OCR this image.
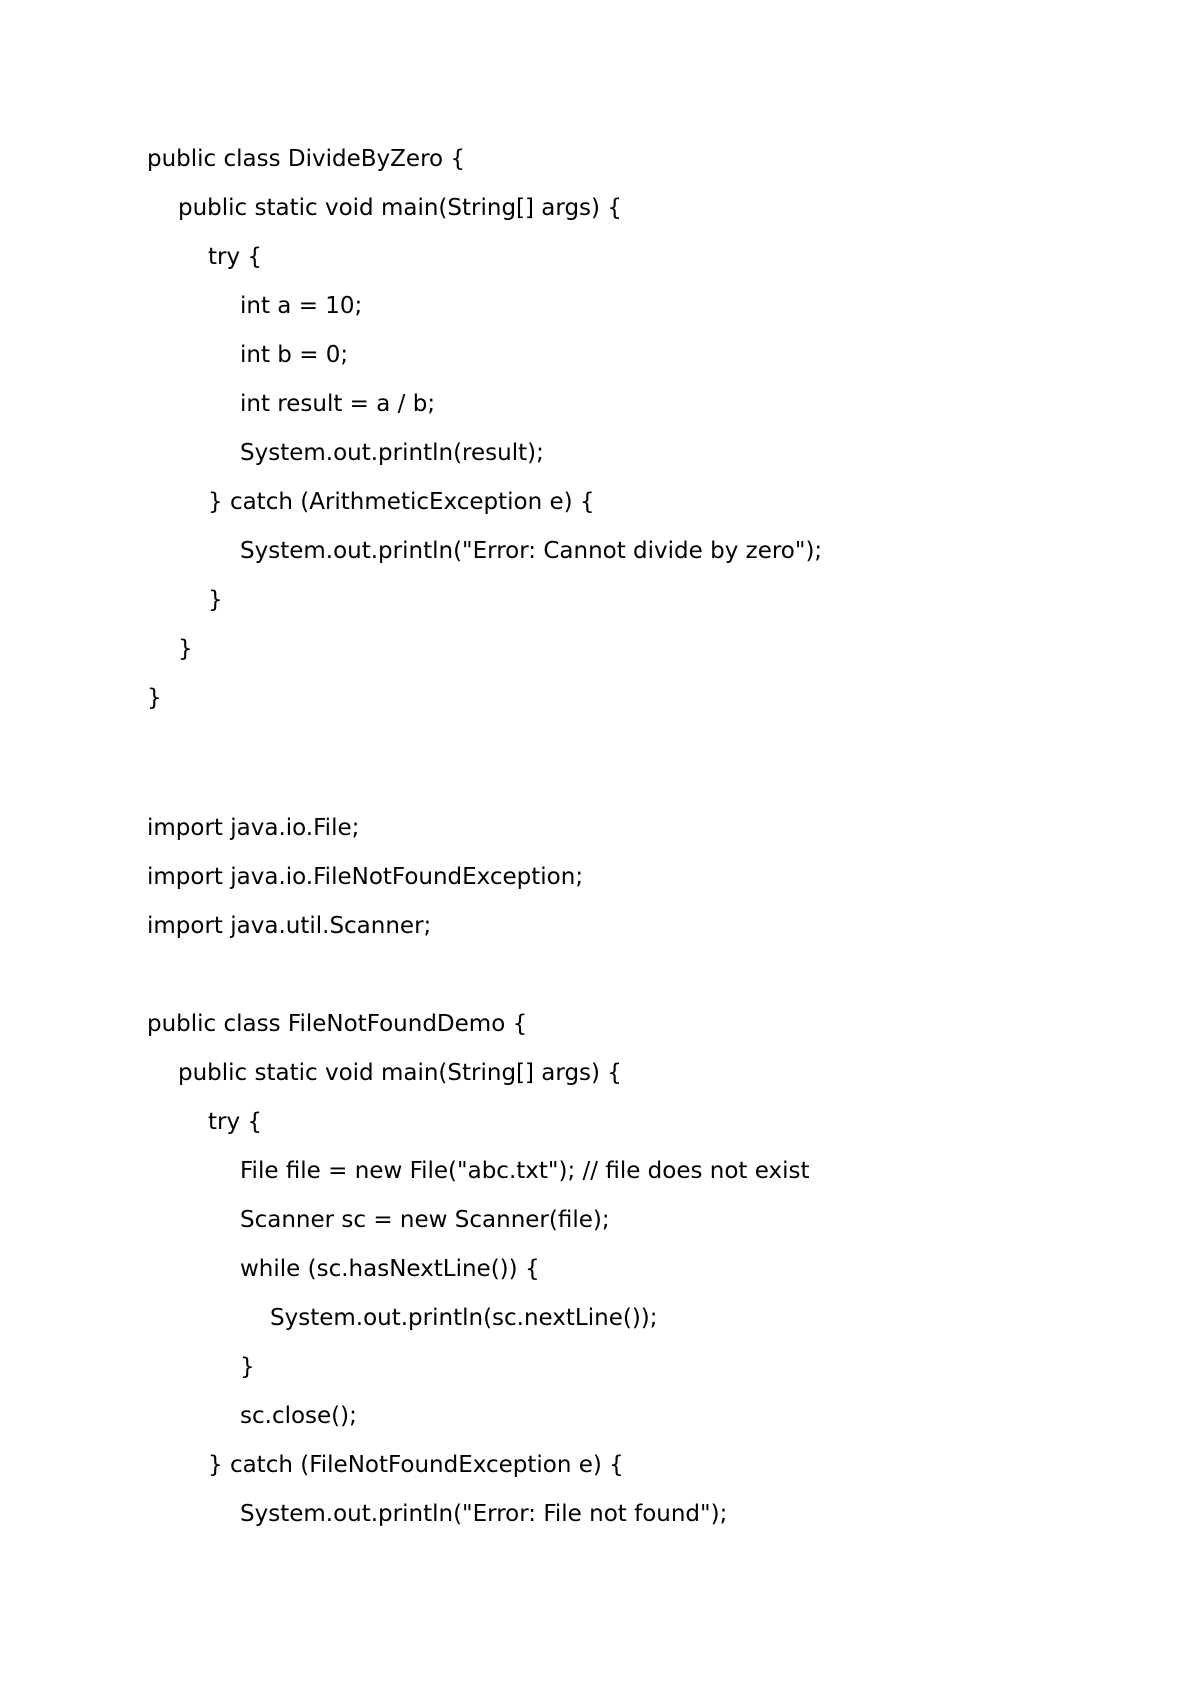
public class DivideByZero {
public static void main(String[] args) {
try {
int a = 10;
int b = 0;
int result = a / b;
System.out.println(result);
} catch (ArithmeticException e) {
System.out.println("Error: Cannot divide by zero");
}
}
}
import java.io.File;
import java.io.FileNotFoundException;
import java.util.Scanner;
public class FileNotFoundDemo {
public static void main(String[] args) {
try {
File file = new File("abc.txt"); // file does not exist
Scanner sc = new Scanner(file);
while (sc.hasNextLine()) {
System.out.println(sc.nextLine());
}
sc.close();
} catch (FileNotFoundException e) {
System.out.println("Error: File not found");
